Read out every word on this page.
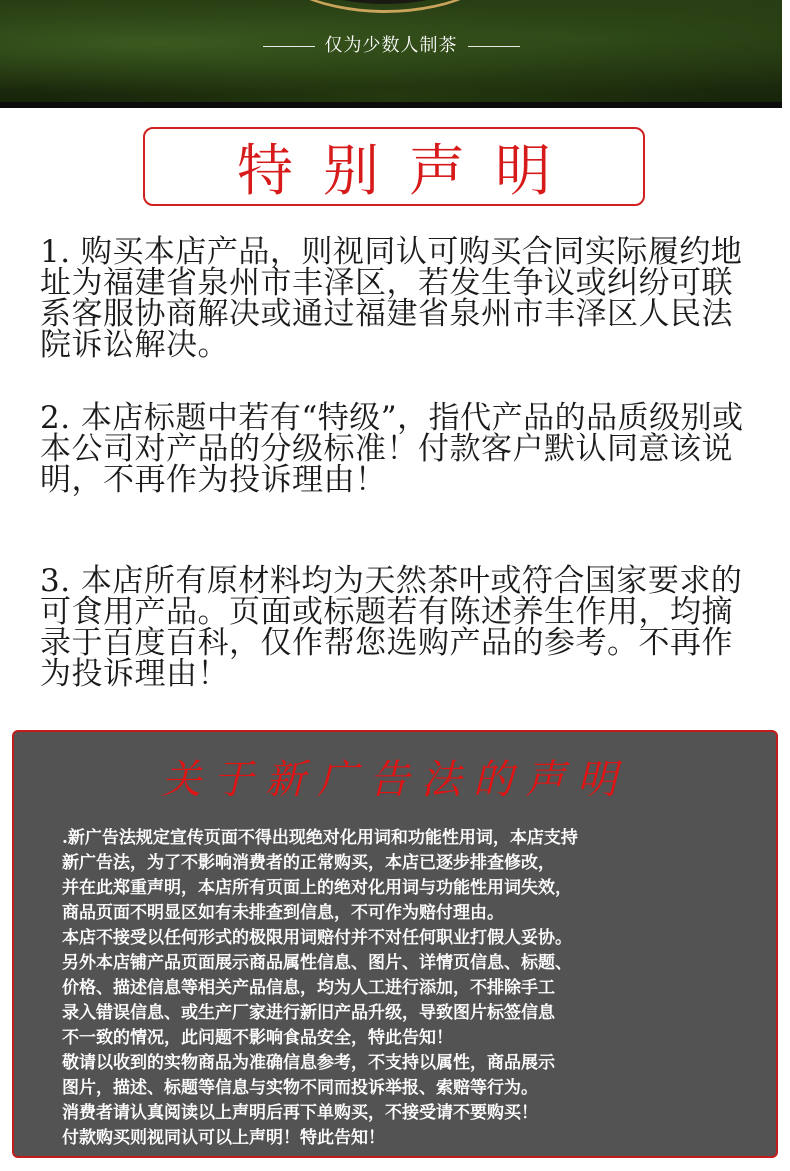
仅为少数人制茶
特别声明

1. 购买本店产品，则视同认可购买合同实际履约地址为福建省泉州市丰泽区，若发生争议或纠纷可联系客服协商解决或通过福建省泉州市丰泽区人民法院诉讼解决。

2. 本店标题中若有“特级”，指代产品的品质级别或本公司对产品的分级标准！付款客户默认同意该说明，不再作为投诉理由！

3. 本店所有原材料均为天然茶叶或符合国家要求的可食用产品。页面或标题若有陈述养生作用，均摘录于百度百科，仅作帮您选购产品的参考。不再作为投诉理由！

关于新广告法的声明
.新广告法规定宣传页面不得出现绝对化用词和功能性用词，本店支持
新广告法，为了不影响消费者的正常购买，本店已逐步排查修改，
并在此郑重声明，本店所有页面上的绝对化用词与功能性用词失效，
商品页面不明显区如有未排查到信息，不可作为赔付理由。
本店不接受以任何形式的极限用词赔付并不对任何职业打假人妥协。
另外本店铺产品页面展示商品属性信息、图片、详情页信息、标题、
价格、描述信息等相关产品信息，均为人工进行添加，不排除手工
录入错误信息、或生产厂家进行新旧产品升级，导致图片标签信息
不一致的情况，此问题不影响食品安全，特此告知！
敬请以收到的实物商品为准确信息参考，不支持以属性，商品展示
图片，描述、标题等信息与实物不同而投诉举报、索赔等行为。
消费者请认真阅读以上声明后再下单购买，不接受请不要购买！
付款购买则视同认可以上声明！特此告知！
